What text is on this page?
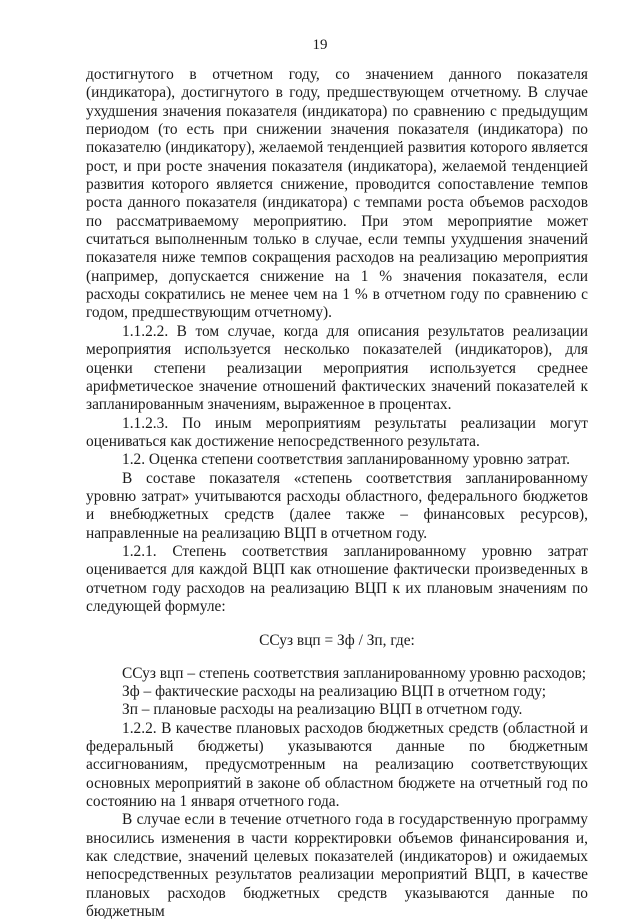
19

достигнутого в отчетном году, со значением данного показателя (индикатора), достигнутого в году, предшествующем отчетному. В случае ухудшения значения показателя (индикатора) по сравнению с предыдущим периодом (то есть при снижении значения показателя (индикатора) по показателю (индикатору), желаемой тенденцией развития которого является рост, и при росте значения показателя (индикатора), желаемой тенденцией развития которого является снижение, проводится сопоставление темпов роста данного показателя (индикатора) с темпами роста объемов расходов по рассматриваемому мероприятию. При этом мероприятие может считаться выполненным только в случае, если темпы ухудшения значений показателя ниже темпов сокращения расходов на реализацию мероприятия (например, допускается снижение на 1 % значения показателя, если расходы сократились не менее чем на 1 % в отчетном году по сравнению с годом, предшествующим отчетному).

1.1.2.2. В том случае, когда для описания результатов реализации мероприятия используется несколько показателей (индикаторов), для оценки степени реализации мероприятия используется среднее арифметическое значение отношений фактических значений показателей к запланированным значениям, выраженное в процентах.

1.1.2.3. По иным мероприятиям результаты реализации могут оцениваться как достижение непосредственного результата.

1.2. Оценка степени соответствия запланированному уровню затрат.

В составе показателя «степень соответствия запланированному уровню затрат» учитываются расходы областного, федерального бюджетов и внебюджетных средств (далее также – финансовых ресурсов), направленные на реализацию ВЦП в отчетном году.

1.2.1. Степень соответствия запланированному уровню затрат оценивается для каждой ВЦП как отношение фактически произведенных в отчетном году расходов на реализацию ВЦП к их плановым значениям по следующей формуле:

ССуз вцп = Зф / Зп, где:

ССуз вцп – степень соответствия запланированному уровню расходов;

Зф – фактические расходы на реализацию ВЦП в отчетном году;

Зп – плановые расходы на реализацию ВЦП в отчетном году.

1.2.2. В качестве плановых расходов бюджетных средств (областной и федеральный бюджеты) указываются данные по бюджетным ассигнованиям, предусмотренным на реализацию соответствующих основных мероприятий в законе об областном бюджете на отчетный год по состоянию на 1 января отчетного года.

В случае если в течение отчетного года в государственную программу вносились изменения в части корректировки объемов финансирования и, как следствие, значений целевых показателей (индикаторов) и ожидаемых непосредственных результатов реализации мероприятий ВЦП, в качестве плановых расходов бюджетных средств указываются данные по бюджетным
